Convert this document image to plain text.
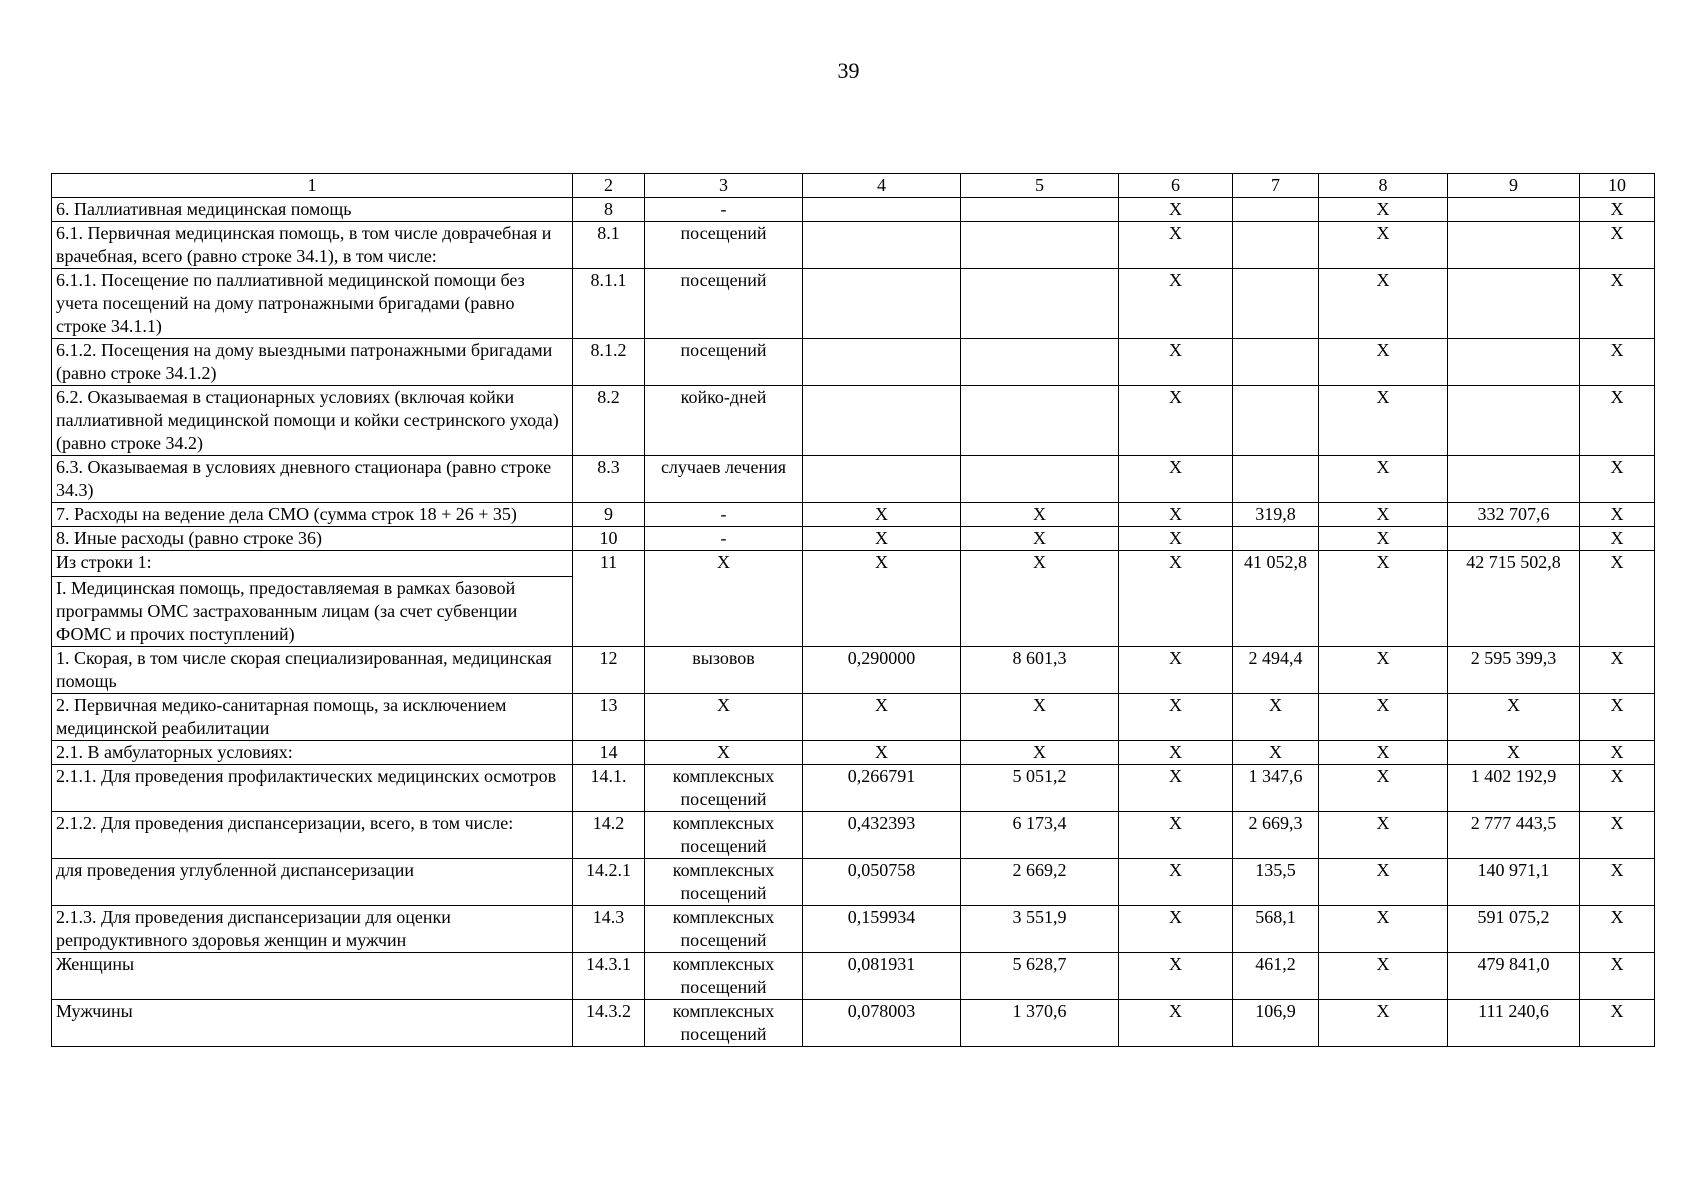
39
1	2	3	4	5	6	7	8	9	10
6. Паллиативная медицинская помощь	8	-			Х		Х		Х
6.1. Первичная медицинская помощь, в том числе доврачебная и врачебная, всего (равно строке 34.1), в том числе:	8.1	посещений			Х		Х		Х
6.1.1. Посещение по паллиативной медицинской помощи без учета посещений на дому патронажными бригадами (равно строке 34.1.1)	8.1.1	посещений			Х		Х		Х
6.1.2. Посещения на дому выездными патронажными бригадами (равно строке 34.1.2)	8.1.2	посещений			Х		Х		Х
6.2. Оказываемая в стационарных условиях (включая койки паллиативной медицинской помощи и койки сестринского ухода) (равно строке 34.2)	8.2	койко-дней			Х		Х		Х
6.3. Оказываемая в условиях дневного стационара (равно строке 34.3)	8.3	случаев лечения			Х		Х		Х
7. Расходы на ведение дела СМО (сумма строк 18 + 26 + 35)	9	-	Х	Х	Х	319,8	Х	332 707,6	Х
8. Иные расходы (равно строке 36)	10	-	Х	Х	Х		Х		Х
Из строки 1:
I. Медицинская помощь, предоставляемая в рамках базовой программы ОМС застрахованным лицам (за счет субвенции ФОМС и прочих поступлений)	11	Х	Х	Х	Х	41 052,8	Х	42 715 502,8	Х
1. Скорая, в том числе скорая специализированная, медицинская помощь	12	вызовов	0,290000	8 601,3	Х	2 494,4	Х	2 595 399,3	Х
2. Первичная медико-санитарная помощь, за исключением медицинской реабилитации	13	Х	Х	Х	Х	Х	Х	Х	Х
2.1. В амбулаторных условиях:	14	Х	Х	Х	Х	Х	Х	Х	Х
2.1.1. Для проведения профилактических медицинских осмотров	14.1.	комплексных посещений	0,266791	5 051,2	Х	1 347,6	Х	1 402 192,9	Х
2.1.2. Для проведения диспансеризации, всего, в том числе:	14.2	комплексных посещений	0,432393	6 173,4	Х	2 669,3	Х	2 777 443,5	Х
для проведения углубленной диспансеризации	14.2.1	комплексных посещений	0,050758	2 669,2	Х	135,5	Х	140 971,1	Х
2.1.3. Для проведения диспансеризации для оценки репродуктивного здоровья женщин и мужчин	14.3	комплексных посещений	0,159934	3 551,9	Х	568,1	Х	591 075,2	Х
Женщины	14.3.1	комплексных посещений	0,081931	5 628,7	Х	461,2	Х	479 841,0	Х
Мужчины	14.3.2	комплексных посещений	0,078003	1 370,6	Х	106,9	Х	111 240,6	Х
